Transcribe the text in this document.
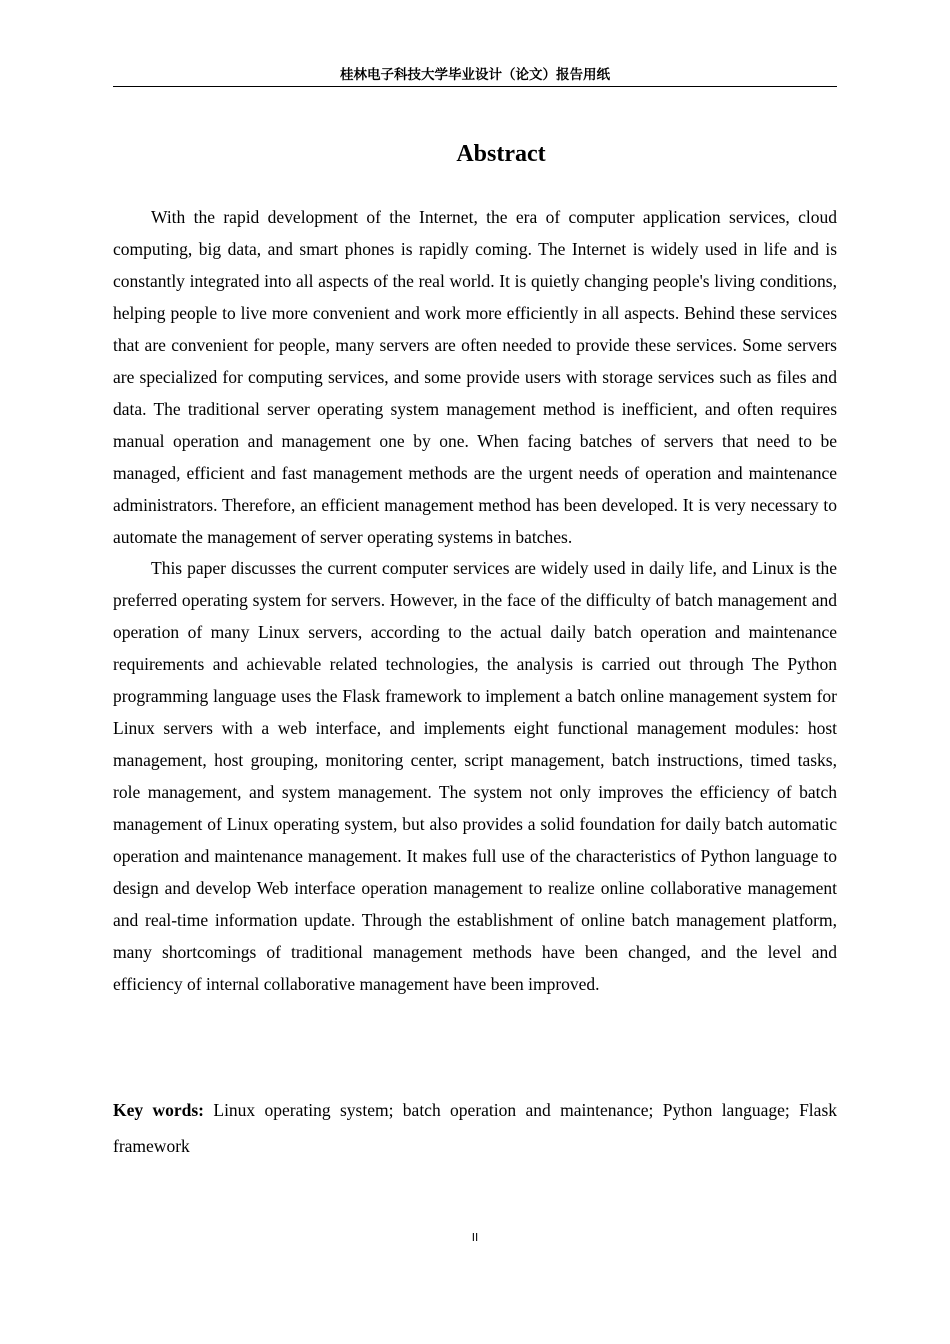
桂林电子科技大学毕业设计（论文）报告用纸
Abstract

With the rapid development of the Internet, the era of computer application services, cloud computing, big data, and smart phones is rapidly coming. The Internet is widely used in life and is constantly integrated into all aspects of the real world. It is quietly changing people's living conditions, helping people to live more convenient and work more efficiently in all aspects. Behind these services that are convenient for people, many servers are often needed to provide these services. Some servers are specialized for computing services, and some provide users with storage services such as files and data. The traditional server operating system management method is inefficient, and often requires manual operation and management one by one. When facing batches of servers that need to be managed, efficient and fast management methods are the urgent needs of operation and maintenance administrators. Therefore, an efficient management method has been developed. It is very necessary to automate the management of server operating systems in batches.

This paper discusses the current computer services are widely used in daily life, and Linux is the preferred operating system for servers. However, in the face of the difficulty of batch management and operation of many Linux servers, according to the actual daily batch operation and maintenance requirements and achievable related technologies, the analysis is carried out through The Python programming language uses the Flask framework to implement a batch online management system for Linux servers with a web interface, and implements eight functional management modules: host management, host grouping, monitoring center, script management, batch instructions, timed tasks, role management, and system management. The system not only improves the efficiency of batch management of Linux operating system, but also provides a solid foundation for daily batch automatic operation and maintenance management. It makes full use of the characteristics of Python language to design and develop Web interface operation management to realize online collaborative management and real-time information update. Through the establishment of online batch management platform, many shortcomings of traditional management methods have been changed, and the level and efficiency of internal collaborative management have been improved.

Key words: Linux operating system; batch operation and maintenance; Python language; Flask framework

II
